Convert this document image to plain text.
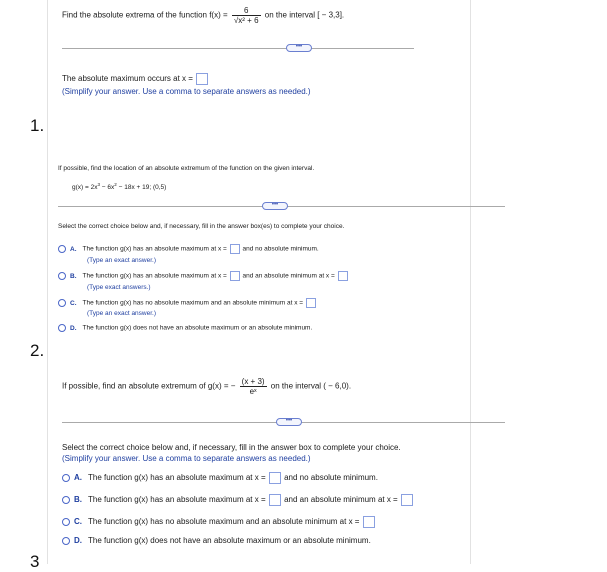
Find the absolute extrema of the function $f(x) = \frac{6}{\text{√x² + 6}}$ on the interval [ − 3,3].
•••
The absolute maximum occurs at x =
(Simplify your answer. Use a comma to separate answers as needed.)
1.
If possible, find the location of an absolute extremum of the function on the given interval.
$g(x) = 2x^3 - 6x^2 - 18x + 19$; (0,5)
•••
Select the correct choice below and, if necessary, fill in the answer box(es) to complete your choice.
A. The function g(x) has an absolute maximum at x = and no absolute minimum.
(Type an exact answer.)
B. The function g(x) has an absolute maximum at x = and an absolute minimum at x =
(Type exact answers.)
C. The function g(x) has no absolute maximum and an absolute minimum at x =
(Type an exact answer.)
D. The function g(x) does not have an absolute maximum or an absolute minimum.
2.
If possible, find an absolute extremum of g(x) = − $\frac{(x + 3)}{\text{eˣ}}$ on the interval ( − 6,0).
•••
Select the correct choice below and, if necessary, fill in the answer box to complete your choice.
(Simplify your answer. Use a comma to separate answers as needed.)
A. The function g(x) has an absolute maximum at x = and no absolute minimum.
B. The function g(x) has an absolute maximum at x = and an absolute minimum at x =
C. The function g(x) has no absolute maximum and an absolute minimum at x =
D. The function g(x) does not have an absolute maximum or an absolute minimum.
3
